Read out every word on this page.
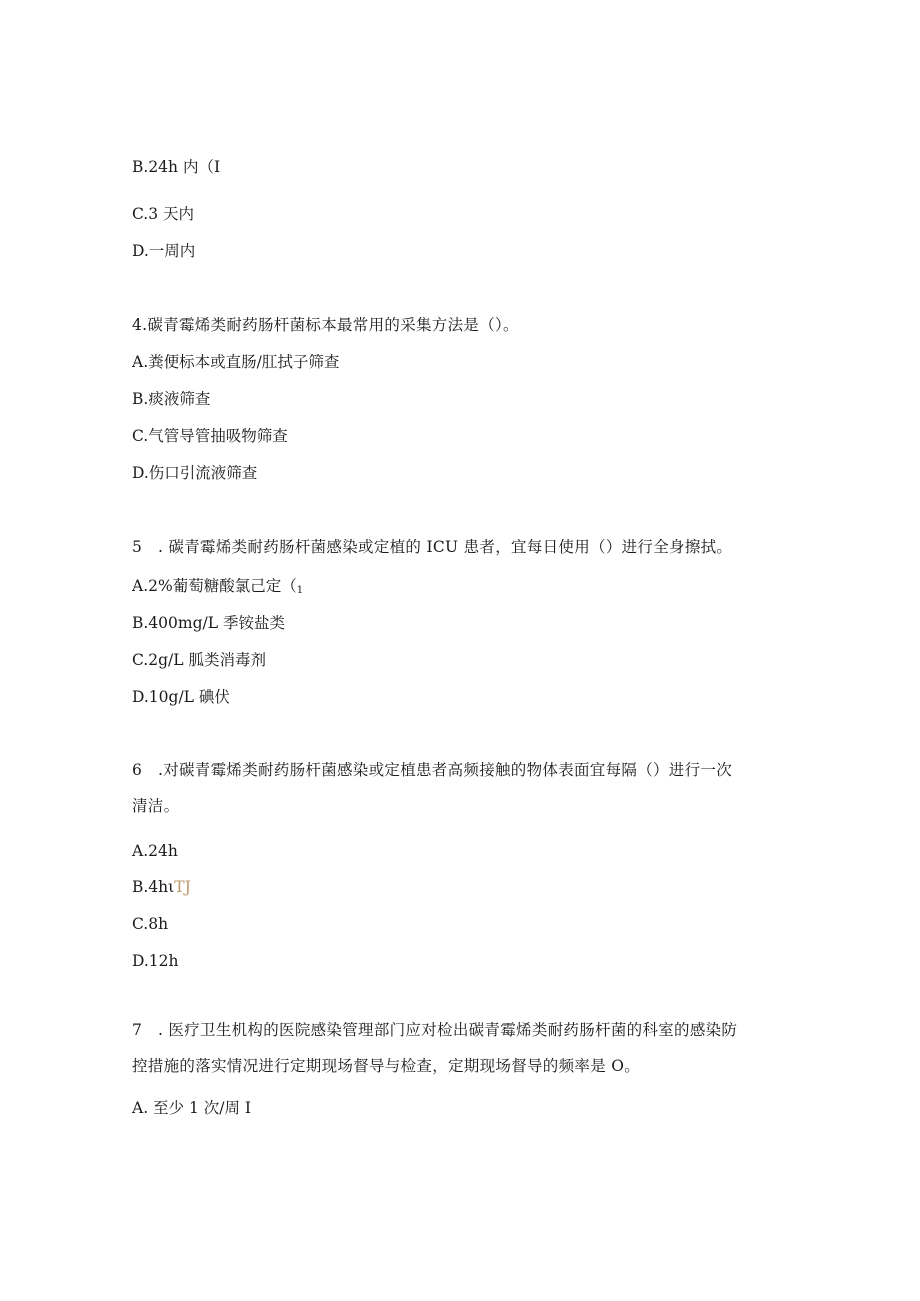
B.24h 内（I
C.3 天内
D.一周内
4.碳青霉烯类耐药肠杆菌标本最常用的采集方法是（）。
A.粪便标本或直肠/肛拭子筛查
B.痰液筛查
C.气管导管抽吸物筛查
D.伤口引流液筛查
5　. 碳青霉烯类耐药肠杆菌感染或定植的 ICU 患者，宜每日使用（）进行全身擦拭。
A.2%葡萄糖酸氯己定（$_1$
B.400mg/L 季铵盐类
C.2g/L 胍类消毒剂
D.10g/L 碘伏
6　.对碳青霉烯类耐药肠杆菌感染或定植患者高频接触的物体表面宜每隔（）进行一次
清洁。
A.24h
B.4hιTJ
C.8h
D.12h
7　. 医疗卫生机构的医院感染管理部门应对检出碳青霉烯类耐药肠杆菌的科室的感染防
控措施的落实情况进行定期现场督导与检查，定期现场督导的频率是 O。
A. 至少 1 次/周 I
